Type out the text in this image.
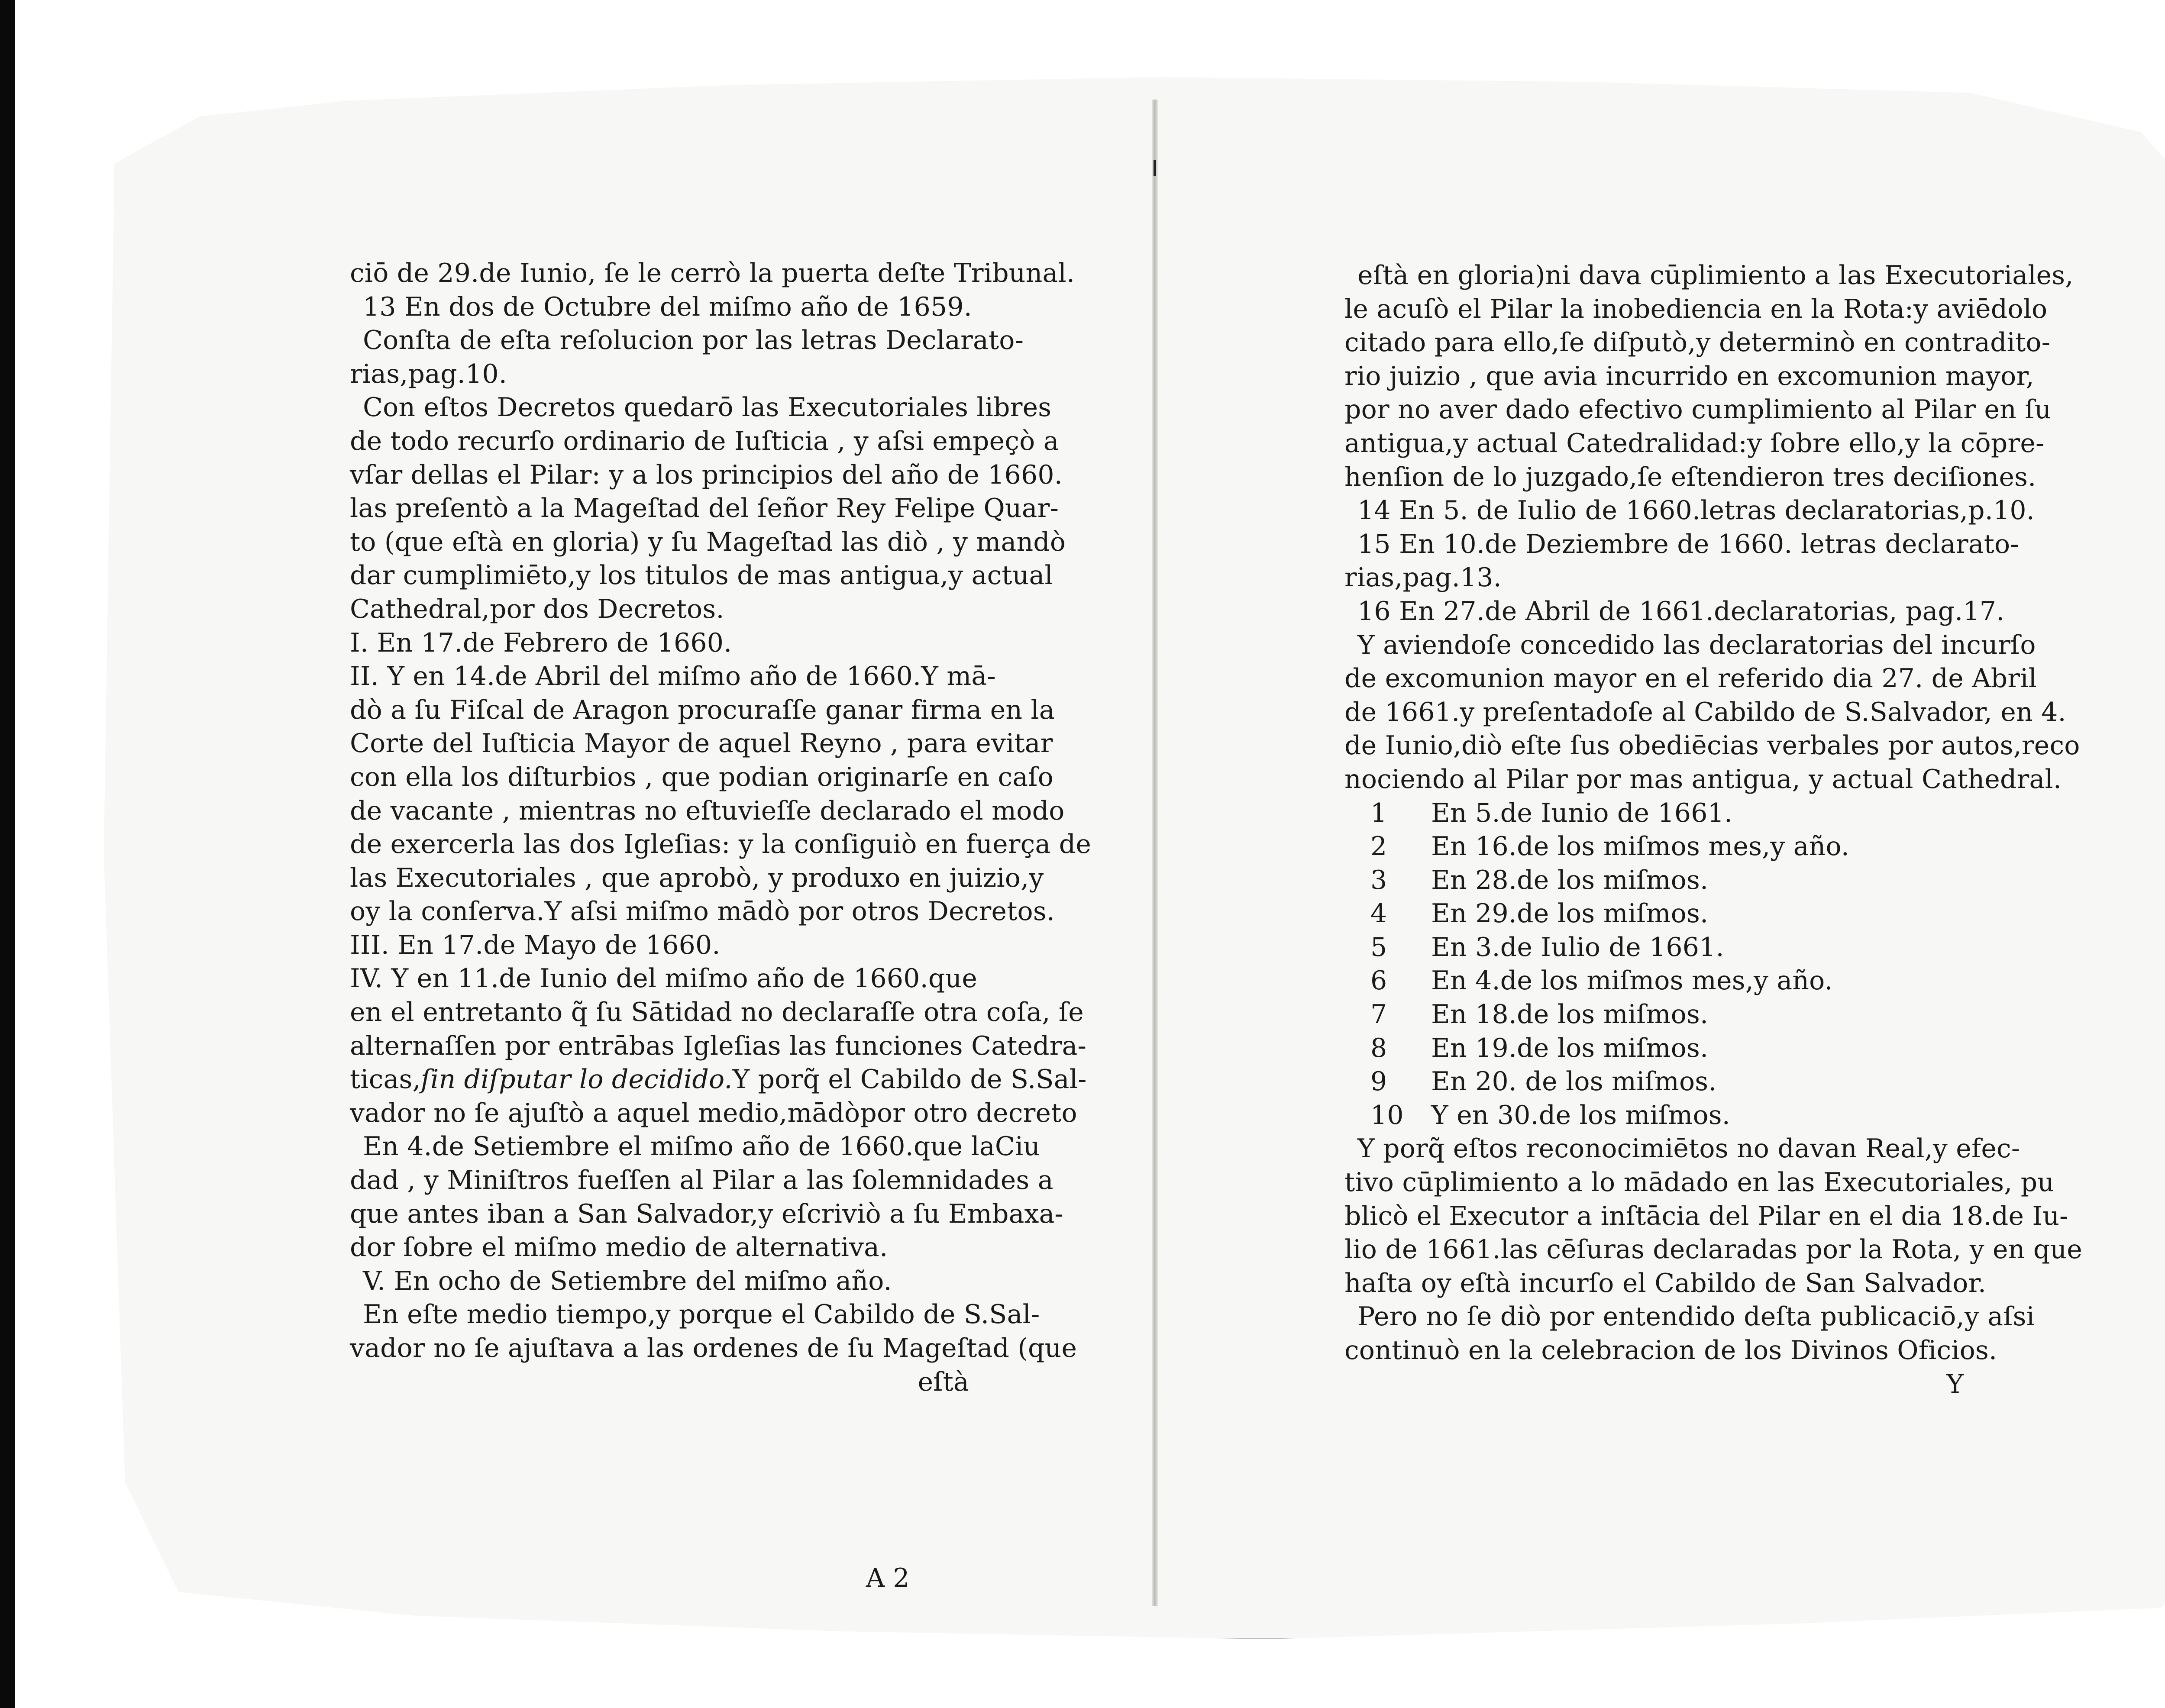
ciō de 29.de Iunio, ſe le cerrò la puerta deſte Tribunal.
13 En dos de Octubre del miſmo año de 1659.
Conſta de eſta reſolucion por las letras Declarato-
rias,pag.10.
Con eſtos Decretos quedarō las Executoriales libres
de todo recurſo ordinario de Iuſticia , y aſsi empeçò a
vſar dellas el Pilar: y a los principios del año de 1660.
las preſentò a la Mageſtad del ſeñor Rey Felipe Quar-
to (que eſtà en gloria) y ſu Mageſtad las diò , y mandò
dar cumplimiēto,y los titulos de mas antigua,y actual
Cathedral,por dos Decretos.
I. En 17.de Febrero de 1660.
II. Y en 14.de Abril del miſmo año de 1660.Y mā-
dò a ſu Fiſcal de Aragon procuraſſe ganar firma en la
Corte del Iuſticia Mayor de aquel Reyno , para evitar
con ella los diſturbios , que podian originarſe en caſo
de vacante , mientras no eſtuvieſſe declarado el modo
de exercerla las dos Igleſias: y la conſiguiò en fuerça de
las Executoriales , que aprobò, y produxo en juizio,y
oy la conſerva.Y aſsi miſmo mādò por otros Decretos.
III. En 17.de Mayo de 1660.
IV. Y en 11.de Iunio del miſmo año de 1660.que
en el entretanto q̃ ſu Sātidad no declaraſſe otra coſa, ſe
alternaſſen por entrābas Igleſias las funciones Catedra-
ticas,ſin diſputar lo decidido.Y porq̃ el Cabildo de S.Sal-
vador no ſe ajuſtò a aquel medio,mādòpor otro decreto
En 4.de Setiembre el miſmo año de 1660.que laCiu
dad , y Miniſtros fueſſen al Pilar a las ſolemnidades a
que antes iban a San Salvador,y eſcriviò a ſu Embaxa-
dor ſobre el miſmo medio de alternativa.
V. En ocho de Setiembre del miſmo año.
En eſte medio tiempo,y porque el Cabildo de S.Sal-
vador no ſe ajuſtava a las ordenes de ſu Mageſtad (que
eſtà
A 2
eſtà en gloria)ni dava cūplimiento a las Executoriales,
le acuſò el Pilar la inobediencia en la Rota:y aviēdolo
citado para ello,ſe diſputò,y determinò en contradito-
rio juizio , que avia incurrido en excomunion mayor,
por no aver dado efectivo cumplimiento al Pilar en ſu
antigua,y actual Catedralidad:y ſobre ello,y la cōpre-
henſion de lo juzgado,ſe eſtendieron tres deciſiones.
14 En 5. de Iulio de 1660.letras declaratorias,p.10.
15 En 10.de Deziembre de 1660. letras declarato-
rias,pag.13.
16 En 27.de Abril de 1661.declaratorias, pag.17.
Y aviendoſe concedido las declaratorias del incurſo
de excomunion mayor en el referido dia 27. de Abril
de 1661.y preſentadoſe al Cabildo de S.Salvador, en 4.
de Iunio,diò eſte ſus obediēcias verbales por autos,reco
nociendo al Pilar por mas antigua, y actual Cathedral.
1 En 5.de Iunio de 1661.
2 En 16.de los miſmos mes,y año.
3 En 28.de los miſmos.
4 En 29.de los miſmos.
5 En 3.de Iulio de 1661.
6 En 4.de los miſmos mes,y año.
7 En 18.de los miſmos.
8 En 19.de los miſmos.
9 En 20. de los miſmos.
10 Y en 30.de los miſmos.
Y porq̃ eſtos reconocimiētos no davan Real,y efec-
tivo cūplimiento a lo mādado en las Executoriales, pu
blicò el Executor a inſtācia del Pilar en el dia 18.de Iu-
lio de 1661.las cēſuras declaradas por la Rota, y en que
haſta oy eſtà incurſo el Cabildo de San Salvador.
Pero no ſe diò por entendido deſta publicaciō,y aſsi
continuò en la celebracion de los Divinos Oficios.
Y
